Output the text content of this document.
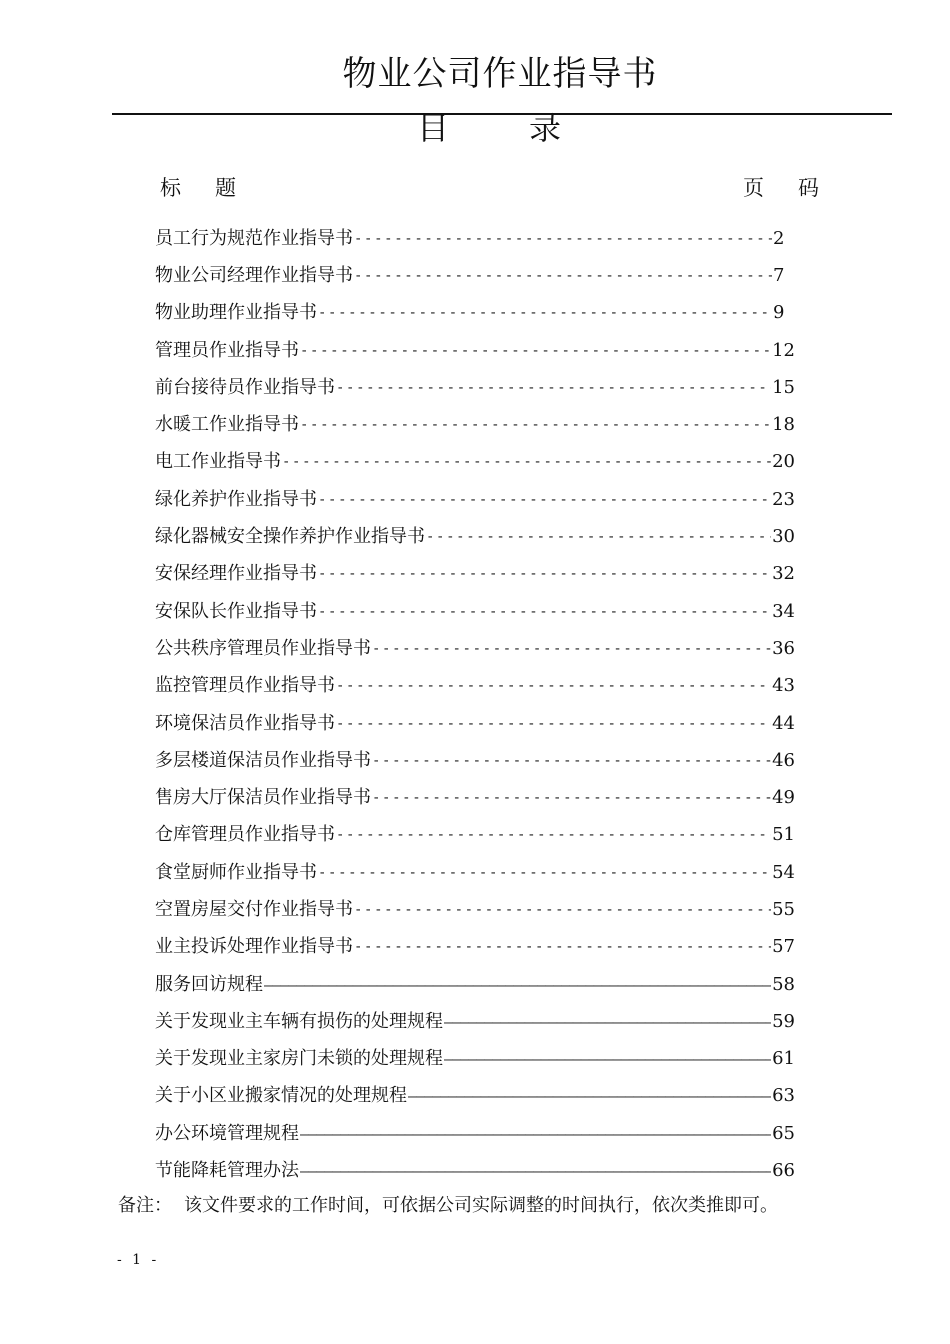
物业公司作业指导书
目 录
标 题	页 码
员工行为规范作业指导书 - - -	2
物业公司经理作业指导书 - - -	7
物业助理作业指导书 - - -	9
管理员作业指导书 - - -	12
前台接待员作业指导书 - - -	15
水暖工作业指导书 - - -	18
电工作业指导书 - - -	20
绿化养护作业指导书 - - -	23
绿化器械安全操作养护作业指导书 - - -	30
安保经理作业指导书 - - -	32
安保队长作业指导书 - - -	34
公共秩序管理员作业指导书 - - -	36
监控管理员作业指导书 - - -	43
环境保洁员作业指导书 - - -	44
多层楼道保洁员作业指导书 - - -	46
售房大厅保洁员作业指导书 - - -	49
仓库管理员作业指导书 - - -	51
食堂厨师作业指导书 - - -	54
空置房屋交付作业指导书 - - -	55
业主投诉处理作业指导书 - - -	57
服务回访规程 —————	58
关于发现业主车辆有损伤的处理规程 —————	59
关于发现业主家房门未锁的处理规程 —————	61
关于小区业搬家情况的处理规程 —————	63
办公环境管理规程 —————	65
节能降耗管理办法 —————	66
备注： 该文件要求的工作时间，可依据公司实际调整的时间执行，依次类推即可。
- 1 -
